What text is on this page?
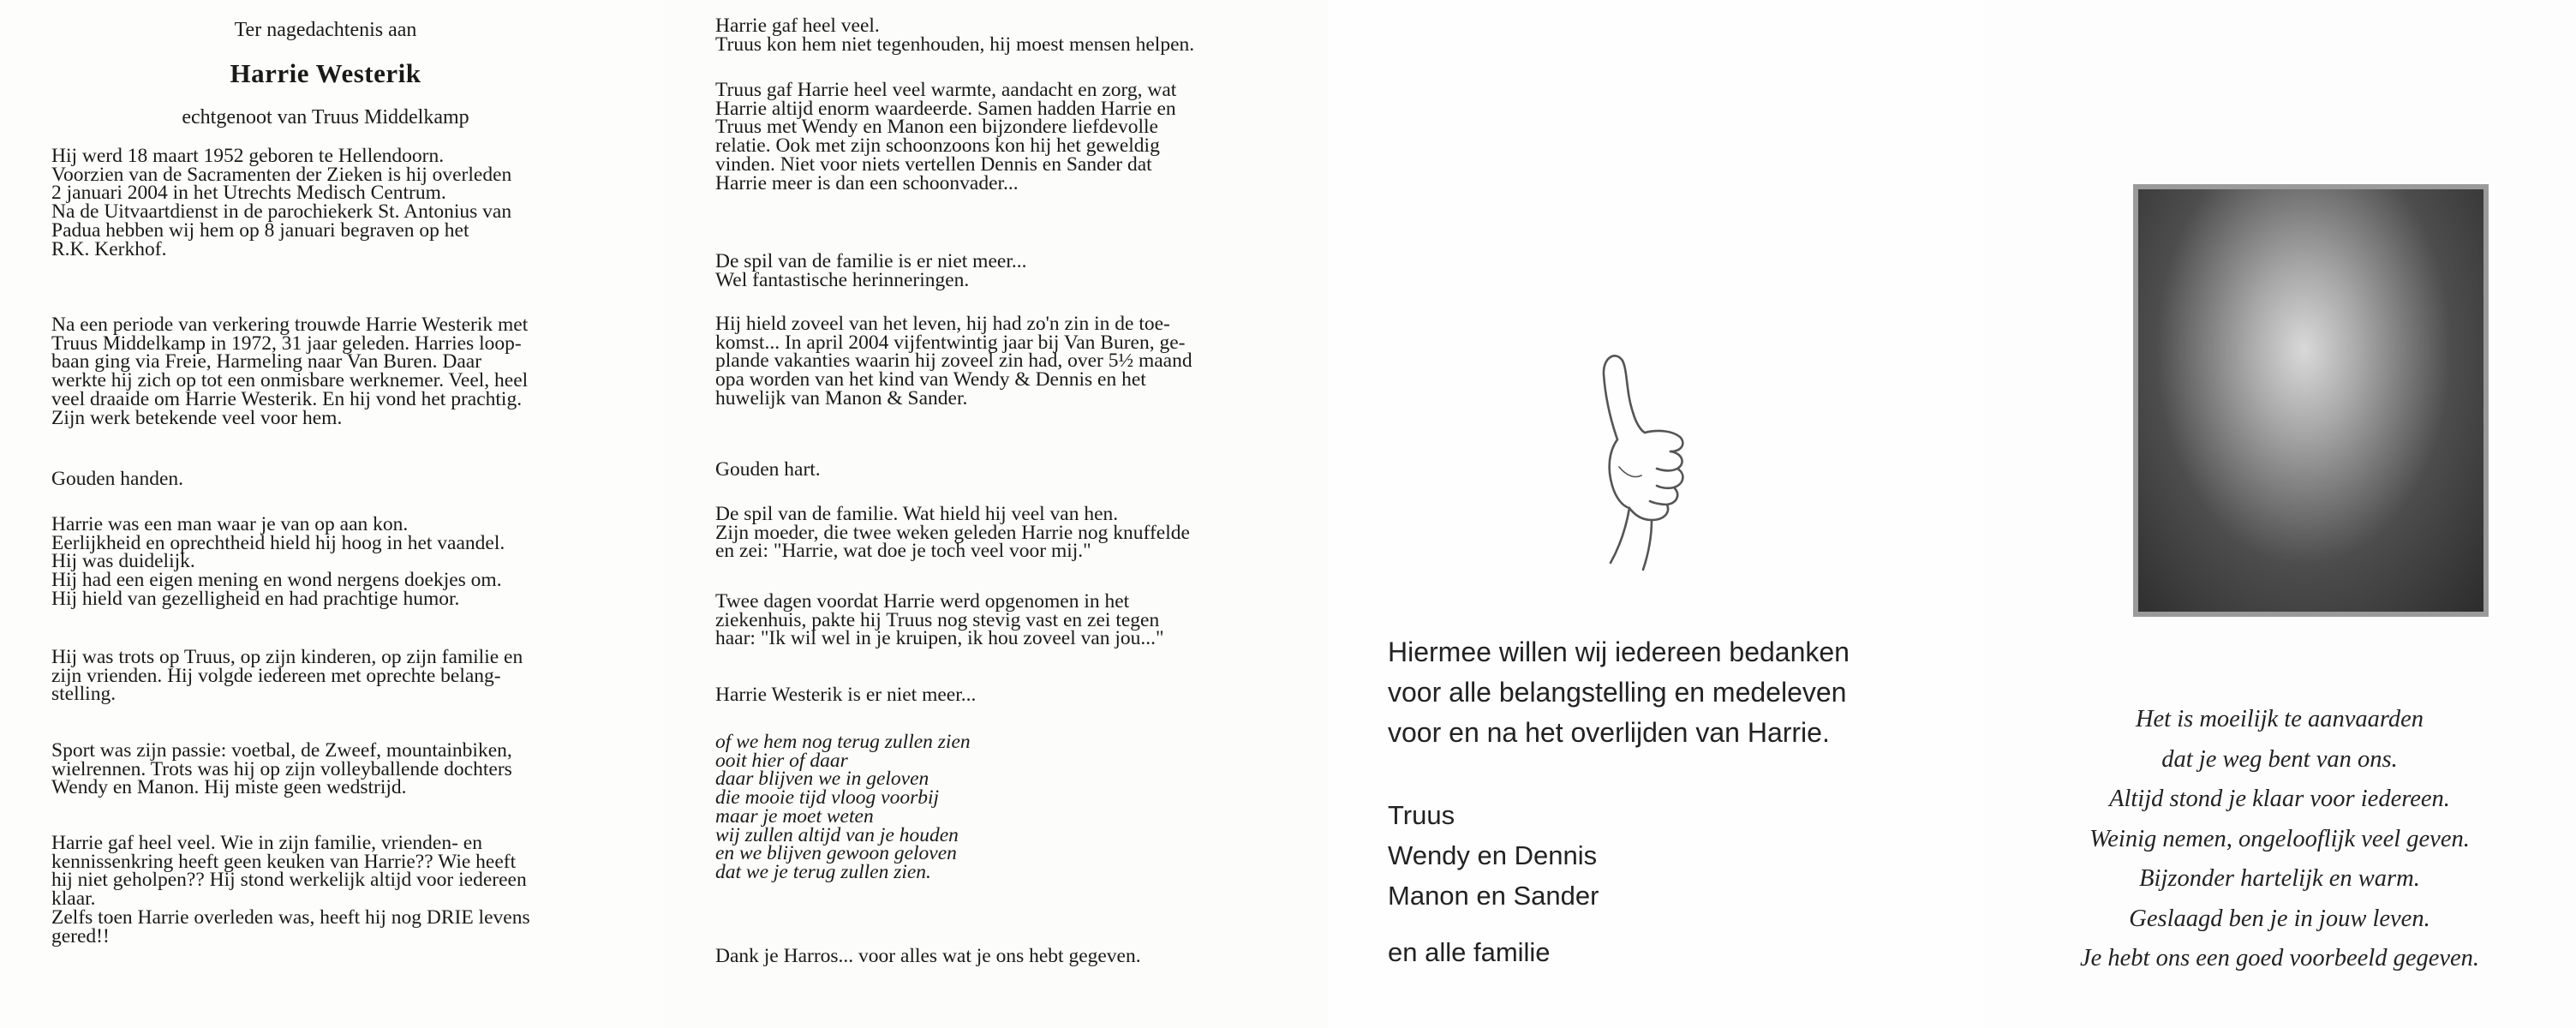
Ter nagedachtenis aan
Harrie Westerik
echtgenoot van Truus Middelkamp
Hij werd 18 maart 1952 geboren te Hellendoorn.
Voorzien van de Sacramenten der Zieken is hij overleden
2 januari 2004 in het Utrechts Medisch Centrum.
Na de Uitvaartdienst in de parochiekerk St. Antonius van
Padua hebben wij hem op 8 januari begraven op het
R.K. Kerkhof.
Na een periode van verkering trouwde Harrie Westerik met
Truus Middelkamp in 1972, 31 jaar geleden. Harries loop-
baan ging via Freie, Harmeling naar Van Buren. Daar
werkte hij zich op tot een onmisbare werknemer. Veel, heel
veel draaide om Harrie Westerik. En hij vond het prachtig.
Zijn werk betekende veel voor hem.
Gouden handen.
Harrie was een man waar je van op aan kon.
Eerlijkheid en oprechtheid hield hij hoog in het vaandel.
Hij was duidelijk.
Hij had een eigen mening en wond nergens doekjes om.
Hij hield van gezelligheid en had prachtige humor.
Hij was trots op Truus, op zijn kinderen, op zijn familie en
zijn vrienden. Hij volgde iedereen met oprechte belang-
stelling.
Sport was zijn passie: voetbal, de Zweef, mountainbiken,
wielrennen. Trots was hij op zijn volleyballende dochters
Wendy en Manon. Hij miste geen wedstrijd.
Harrie gaf heel veel. Wie in zijn familie, vrienden- en
kennissenkring heeft geen keuken van Harrie?? Wie heeft
hij niet geholpen?? Hij stond werkelijk altijd voor iedereen
klaar.
Zelfs toen Harrie overleden was, heeft hij nog DRIE levens
gered!!
Harrie gaf heel veel.
Truus kon hem niet tegenhouden, hij moest mensen helpen.
Truus gaf Harrie heel veel warmte, aandacht en zorg, wat
Harrie altijd enorm waardeerde. Samen hadden Harrie en
Truus met Wendy en Manon een bijzondere liefdevolle
relatie. Ook met zijn schoonzoons kon hij het geweldig
vinden. Niet voor niets vertellen Dennis en Sander dat
Harrie meer is dan een schoonvader...
De spil van de familie is er niet meer...
Wel fantastische herinneringen.
Hij hield zoveel van het leven, hij had zo'n zin in de toe-
komst... In april 2004 vijfentwintig jaar bij Van Buren, ge-
plande vakanties waarin hij zoveel zin had, over 5½ maand
opa worden van het kind van Wendy & Dennis en het
huwelijk van Manon & Sander.
Gouden hart.
De spil van de familie. Wat hield hij veel van hen.
Zijn moeder, die twee weken geleden Harrie nog knuffelde
en zei: "Harrie, wat doe je toch veel voor mij."
Twee dagen voordat Harrie werd opgenomen in het
ziekenhuis, pakte hij Truus nog stevig vast en zei tegen
haar: "Ik wil wel in je kruipen, ik hou zoveel van jou..."
Harrie Westerik is er niet meer...
of we hem nog terug zullen zien
ooit hier of daar
daar blijven we in geloven
die mooie tijd vloog voorbij
maar je moet weten
wij zullen altijd van je houden
en we blijven gewoon geloven
dat we je terug zullen zien.
Dank je Harros... voor alles wat je ons hebt gegeven.
Hiermee willen wij iedereen bedanken
voor alle belangstelling en medeleven
voor en na het overlijden van Harrie.
Truus
Wendy en Dennis
Manon en Sander
en alle familie
Het is moeilijk te aanvaarden
dat je weg bent van ons.
Altijd stond je klaar voor iedereen.
Weinig nemen, ongelooflijk veel geven.
Bijzonder hartelijk en warm.
Geslaagd ben je in jouw leven.
Je hebt ons een goed voorbeeld gegeven.
